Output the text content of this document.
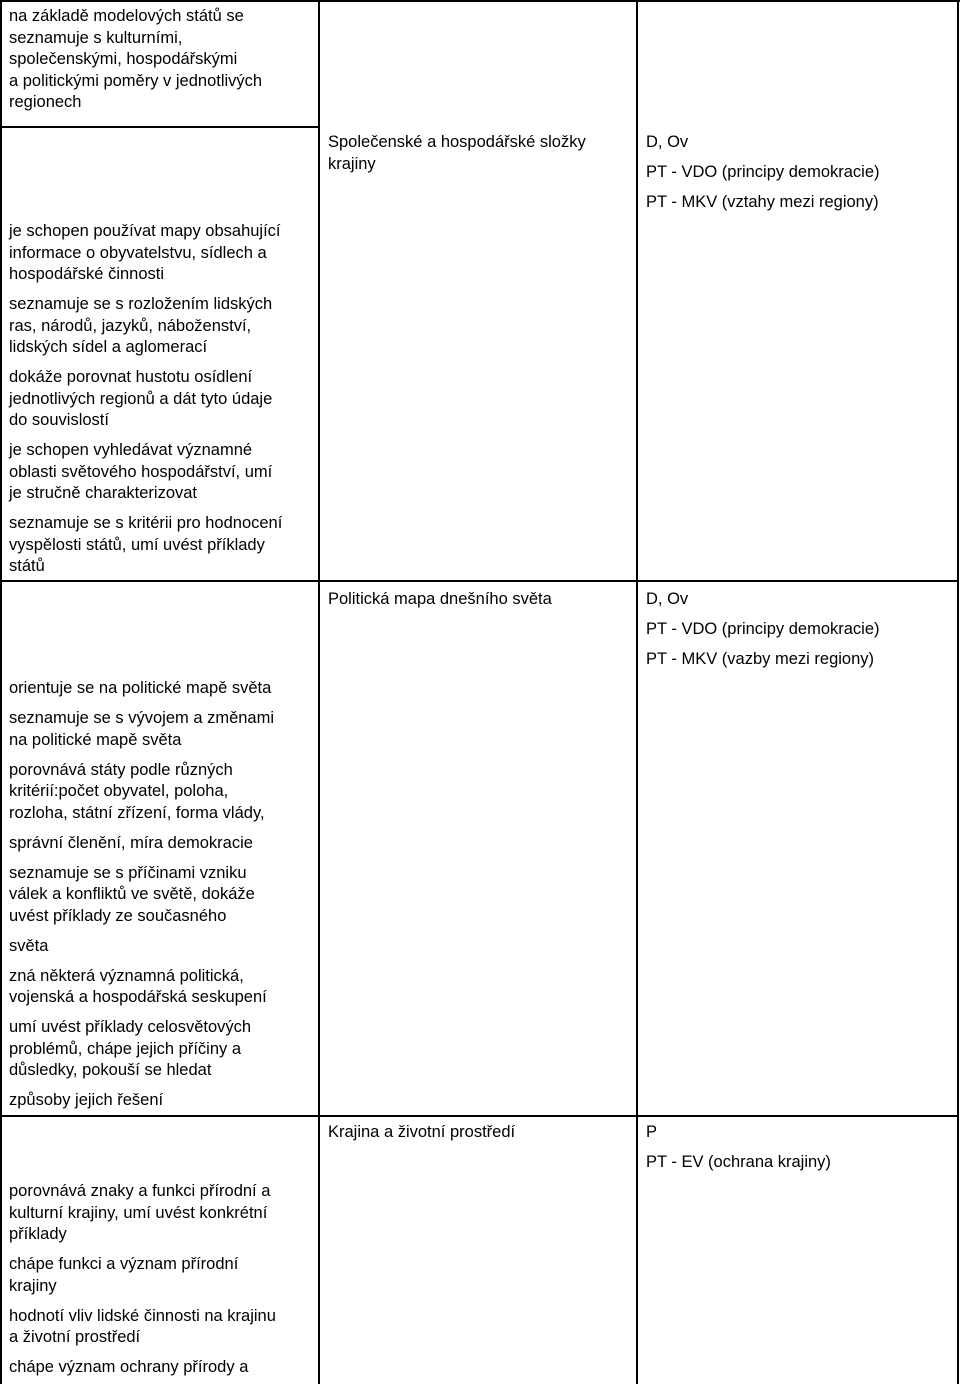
na základě modelových států se
seznamuje s kulturními,
společenskými, hospodářskými
a politickými poměry v jednotlivých
regionech

je schopen používat mapy obsahující
informace o obyvatelstvu, sídlech a
hospodářské činnosti

seznamuje se s rozložením lidských
ras, národů, jazyků, náboženství,
lidských sídel a aglomerací

dokáže porovnat hustotu osídlení
jednotlivých regionů a dát tyto údaje
do souvislostí

je schopen vyhledávat významné
oblasti světového hospodářství, umí
je stručně charakterizovat

seznamuje se s kritérii pro hodnocení
vyspělosti států, umí uvést příklady
států

Společenské a hospodářské složky
krajiny

D, Ov

PT - VDO (principy demokracie)

PT - MKV (vztahy mezi regiony)

orientuje se na politické mapě světa

seznamuje se s vývojem a změnami
na politické mapě světa

porovnává státy podle různých
kritérií:počet obyvatel, poloha,
rozloha, státní zřízení, forma vlády,

správní členění, míra demokracie

seznamuje se s příčinami vzniku
válek a konfliktů ve světě, dokáže
uvést příklady ze současného

světa

zná některá významná politická,
vojenská a hospodářská seskupení

umí uvést příklady celosvětových
problémů, chápe jejich příčiny a
důsledky, pokouší se hledat

způsoby jejich řešení

Politická mapa dnešního světa	D, Ov

PT - VDO (principy demokracie)

PT - MKV (vazby mezi regiony)

porovnává znaky a funkci přírodní a
kulturní krajiny, umí uvést konkrétní
příklady

chápe funkci a význam přírodní
krajiny

hodnotí vliv lidské činnosti na krajinu
a životní prostředí

chápe význam ochrany přírody a

Krajina a životní prostředí	P

PT - EV (ochrana krajiny)
